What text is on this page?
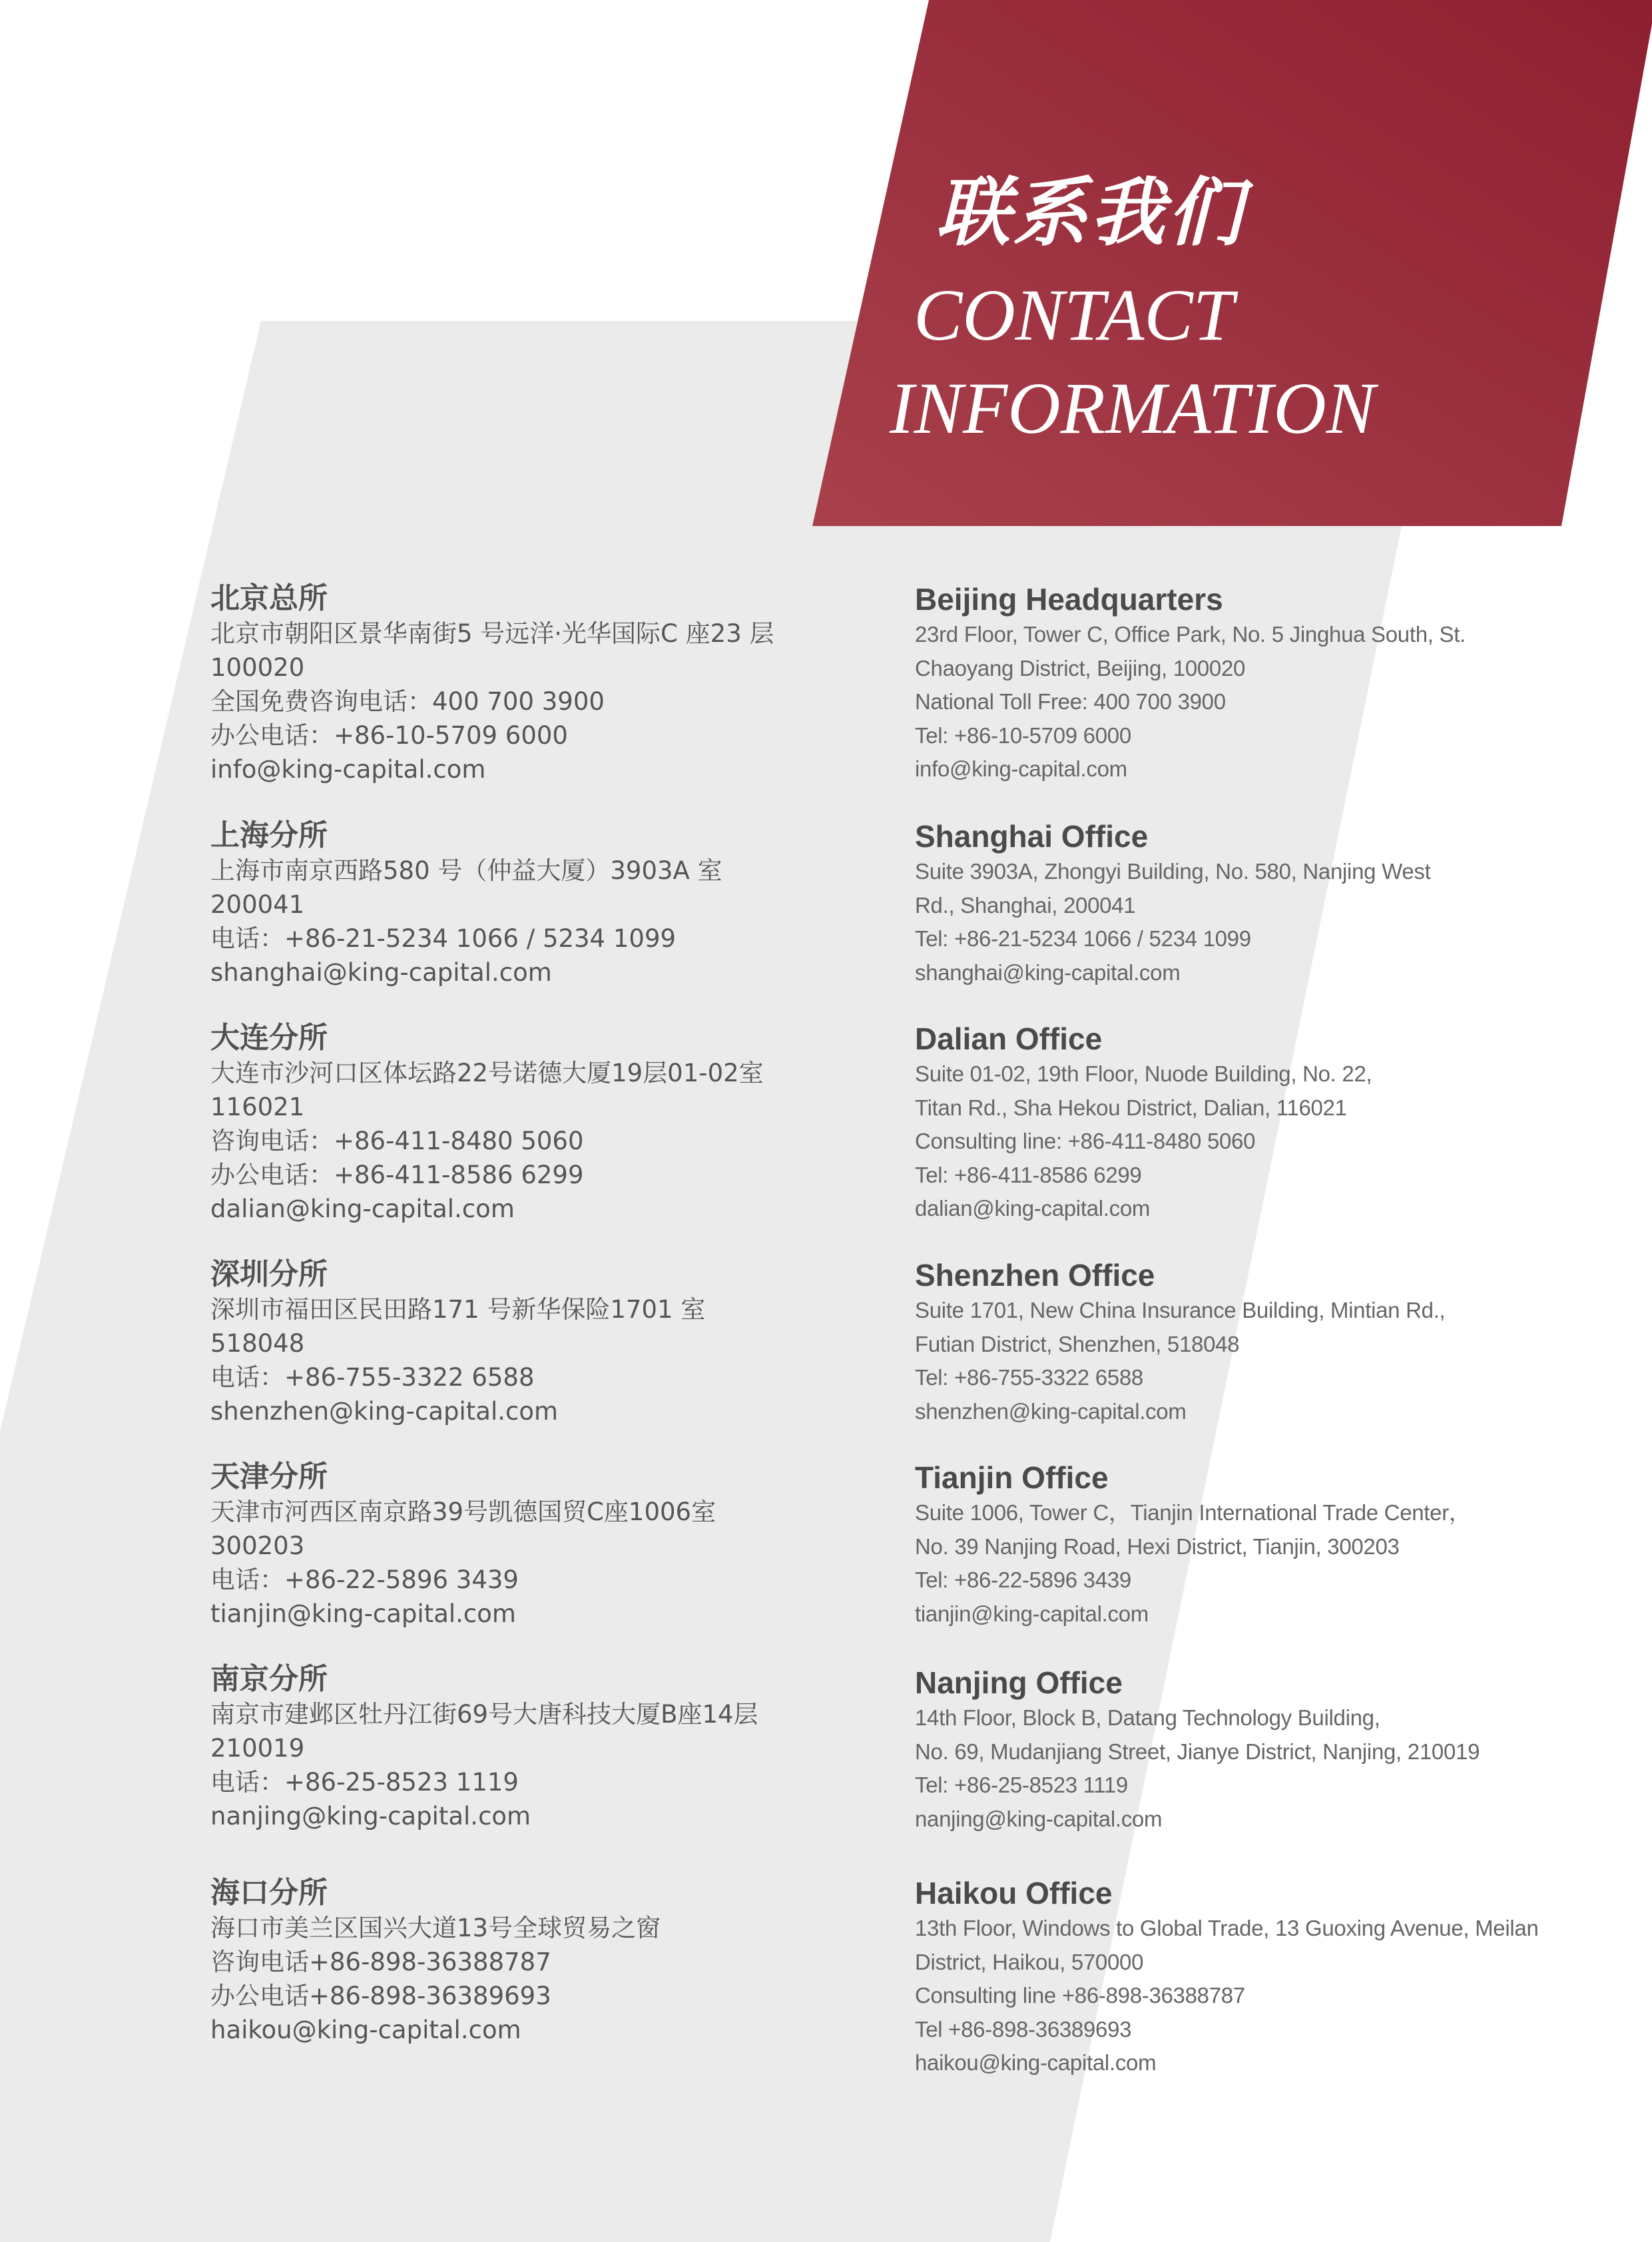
联系我们
CONTACT
INFORMATION
北京总所
北京市朝阳区景华南街5 号远洋·光华国际C 座23 层
100020
全国免费咨询电话：400 700 3900
办公电话：+86-10-5709 6000
info@king-capital.com
上海分所
上海市南京西路580 号（仲益大厦）3903A 室
200041
电话：+86-21-5234 1066 / 5234 1099
shanghai@king-capital.com
大连分所
大连市沙河口区体坛路22号诺德大厦19层01-02室
116021
咨询电话：+86-411-8480 5060
办公电话：+86-411-8586 6299
dalian@king-capital.com
深圳分所
深圳市福田区民田路171 号新华保险1701 室
518048
电话：+86-755-3322 6588
shenzhen@king-capital.com
天津分所
天津市河西区南京路39号凯德国贸C座1006室
300203
电话：+86-22-5896 3439
tianjin@king-capital.com
南京分所
南京市建邺区牡丹江街69号大唐科技大厦B座14层
210019
电话：+86-25-8523 1119
nanjing@king-capital.com
海口分所
海口市美兰区国兴大道13号全球贸易之窗
咨询电话+86-898-36388787
办公电话+86-898-36389693
haikou@king-capital.com
Beijing Headquarters
23rd Floor, Tower C, Office Park, No. 5 Jinghua South, St.
Chaoyang District, Beijing, 100020
National Toll Free: 400 700 3900
Tel: +86-10-5709 6000
info@king-capital.com
Shanghai Office
Suite 3903A, Zhongyi Building, No. 580, Nanjing West
Rd., Shanghai, 200041
Tel: +86-21-5234 1066 / 5234 1099
shanghai@king-capital.com
Dalian Office
Suite 01-02, 19th Floor, Nuode Building, No. 22,
Titan Rd., Sha Hekou District, Dalian, 116021
Consulting line: +86-411-8480 5060
Tel: +86-411-8586 6299
dalian@king-capital.com
Shenzhen Office
Suite 1701, New China Insurance Building, Mintian Rd.,
Futian District, Shenzhen, 518048
Tel: +86-755-3322 6588
shenzhen@king-capital.com
Tianjin Office
Suite 1006, Tower C，Tianjin International Trade Center，
No. 39 Nanjing Road, Hexi District, Tianjin, 300203
Tel: +86-22-5896 3439
tianjin@king-capital.com
Nanjing Office
14th Floor, Block B, Datang Technology Building,
No. 69, Mudanjiang Street, Jianye District, Nanjing, 210019
Tel: +86-25-8523 1119
nanjing@king-capital.com
Haikou Office
13th Floor, Windows to Global Trade, 13 Guoxing Avenue, Meilan
District, Haikou, 570000
Consulting line +86-898-36388787
Tel +86-898-36389693
haikou@king-capital.com
